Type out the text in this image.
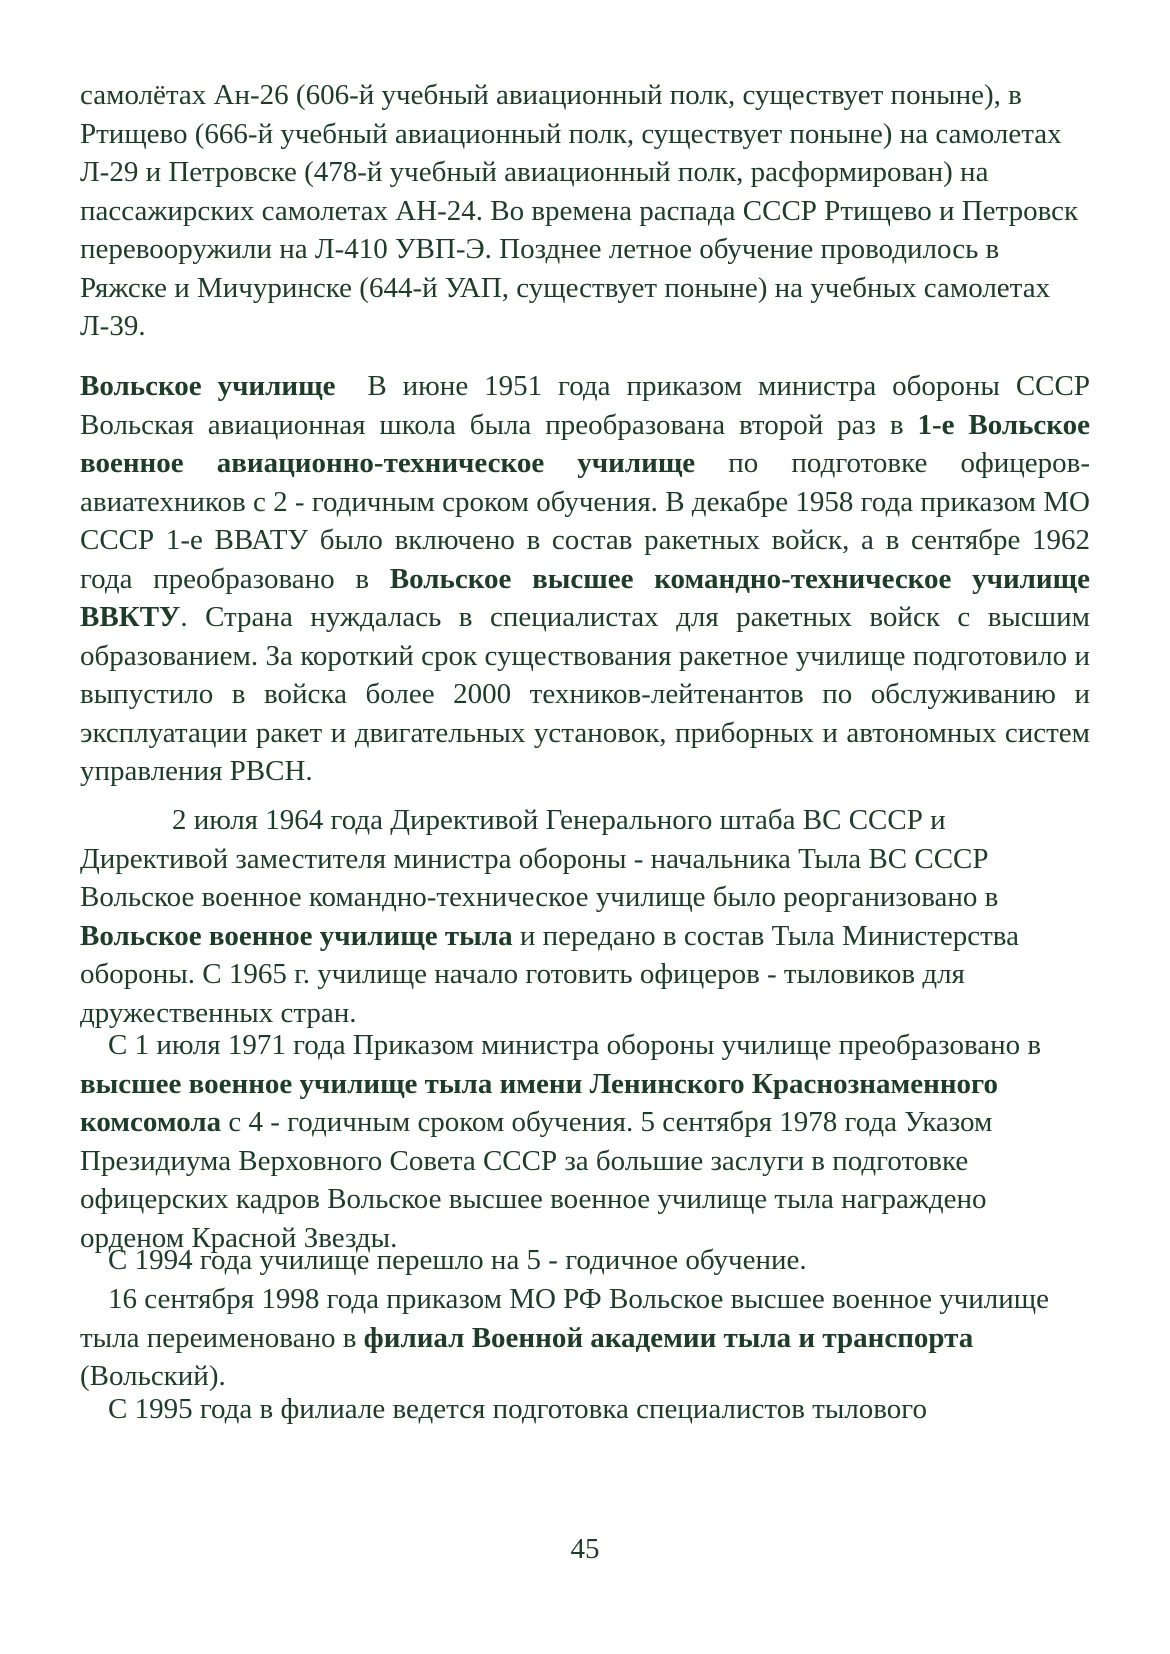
самолётах Ан-26 (606-й учебный авиационный полк, существует поныне), в Ртищево (666-й учебный авиационный полк, существует поныне) на самолетах Л-29 и Петровске (478-й учебный авиационный полк, расформирован) на пассажирских самолетах АН-24. Во времена распада СССР Ртищево и Петровск перевооружили на Л-410 УВП-Э. Позднее летное обучение проводилось в Ряжске и Мичуринске (644-й УАП, существует поныне) на учебных самолетах Л-39.

Вольское училище В июне 1951 года приказом министра обороны СССР Вольская авиационная школа была преобразована второй раз в 1-е Вольское военное авиационно-техническое училище по подготовке офицеров-авиатехников с 2 - годичным сроком обучения. В декабре 1958 года приказом МО СССР 1-е ВВАТУ было включено в состав ракетных войск, а в сентябре 1962 года преобразовано в Вольское высшее командно-техническое училище ВВКТУ. Страна нуждалась в специалистах для ракетных войск с высшим образованием. За короткий срок существования ракетное училище подготовило и выпустило в войска более 2000 техников-лейтенантов по обслуживанию и эксплуатации ракет и двигательных установок, приборных и автономных систем управления РВСН.

2 июля 1964 года Директивой Генерального штаба ВС СССР и Директивой заместителя министра обороны - начальника Тыла ВС СССР Вольское военное командно-техническое училище было реорганизовано в Вольское военное училище тыла и передано в состав Тыла Министерства обороны. С 1965 г. училище начало готовить офицеров - тыловиков для дружественных стран.

С 1 июля 1971 года Приказом министра обороны училище преобразовано в высшее военное училище тыла имени Ленинского Краснознаменного комсомола с 4 - годичным сроком обучения. 5 сентября 1978 года Указом Президиума Верховного Совета СССР за большие заслуги в подготовке офицерских кадров Вольское высшее военное училище тыла награждено орденом Красной Звезды.

С 1994 года училище перешло на 5 - годичное обучение.

16 сентября 1998 года приказом МО РФ Вольское высшее военное училище тыла переименовано в филиал Военной академии тыла и транспорта (Вольский).

С 1995 года в филиале ведется подготовка специалистов тылового

45
